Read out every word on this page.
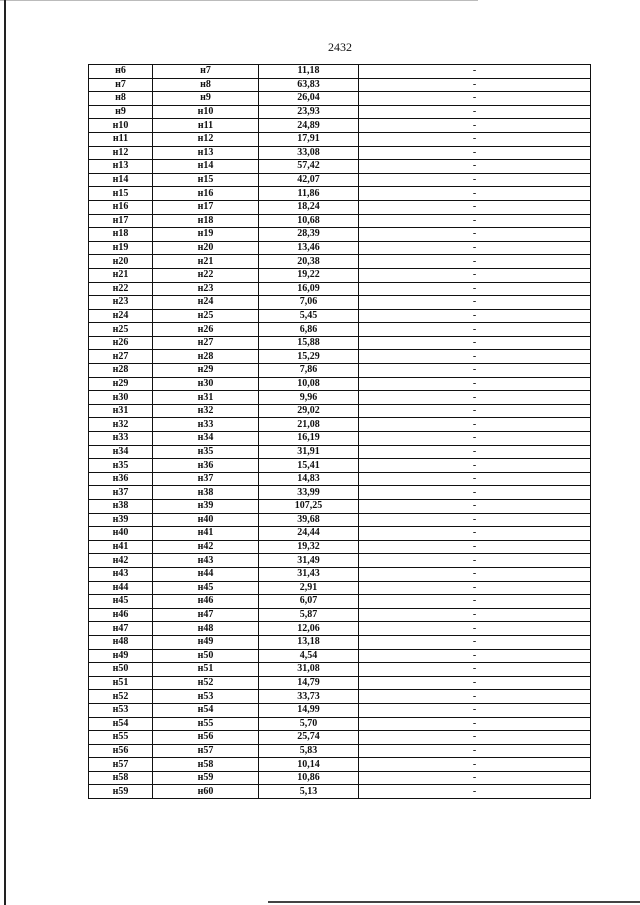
2432
н6	н7	11,18	-
н7	н8	63,83	-
н8	н9	26,04	-
н9	н10	23,93	-
н10	н11	24,89	-
н11	н12	17,91	-
н12	н13	33,08	-
н13	н14	57,42	-
н14	н15	42,07	-
н15	н16	11,86	-
н16	н17	18,24	-
н17	н18	10,68	-
н18	н19	28,39	-
н19	н20	13,46	-
н20	н21	20,38	-
н21	н22	19,22	-
н22	н23	16,09	-
н23	н24	7,06	-
н24	н25	5,45	-
н25	н26	6,86	-
н26	н27	15,88	-
н27	н28	15,29	-
н28	н29	7,86	-
н29	н30	10,08	-
н30	н31	9,96	-
н31	н32	29,02	-
н32	н33	21,08	-
н33	н34	16,19	-
н34	н35	31,91	-
н35	н36	15,41	-
н36	н37	14,83	-
н37	н38	33,99	-
н38	н39	107,25	-
н39	н40	39,68	-
н40	н41	24,44	-
н41	н42	19,32	-
н42	н43	31,49	-
н43	н44	31,43	-
н44	н45	2,91	-
н45	н46	6,07	-
н46	н47	5,87	-
н47	н48	12,06	-
н48	н49	13,18	-
н49	н50	4,54	-
н50	н51	31,08	-
н51	н52	14,79	-
н52	н53	33,73	-
н53	н54	14,99	-
н54	н55	5,70	-
н55	н56	25,74	-
н56	н57	5,83	-
н57	н58	10,14	-
н58	н59	10,86	-
н59	н60	5,13	-
